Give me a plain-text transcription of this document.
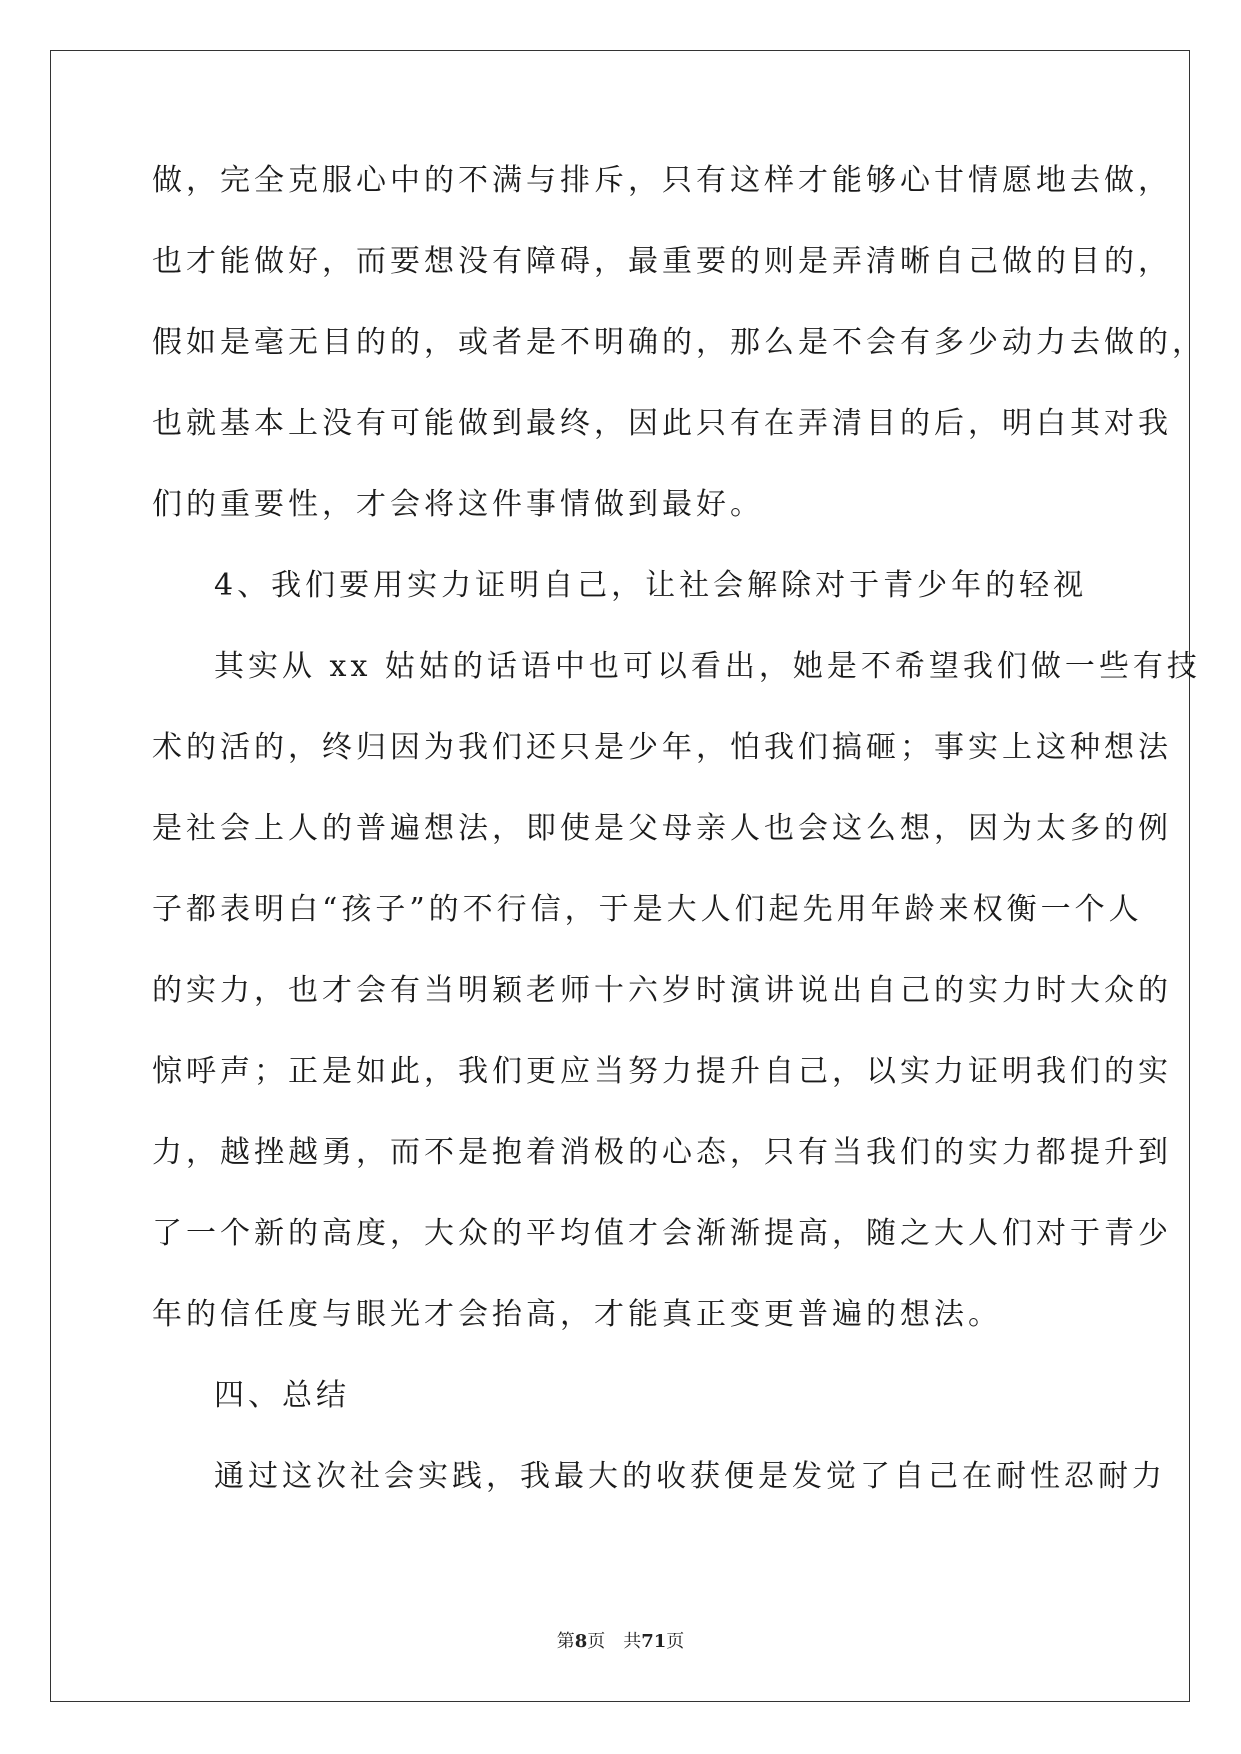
做，完全克服心中的不满与排斥，只有这样才能够心甘情愿地去做，
也才能做好，而要想没有障碍，最重要的则是弄清晰自己做的目的，
假如是毫无目的的，或者是不明确的，那么是不会有多少动力去做的，
也就基本上没有可能做到最终，因此只有在弄清目的后，明白其对我
们的重要性，才会将这件事情做到最好。
4、我们要用实力证明自己，让社会解除对于青少年的轻视
其实从 xx 姑姑的话语中也可以看出，她是不希望我们做一些有技
术的活的，终归因为我们还只是少年，怕我们搞砸；事实上这种想法
是社会上人的普遍想法，即使是父母亲人也会这么想，因为太多的例
子都表明白“孩子”的不行信，于是大人们起先用年龄来权衡一个人
的实力，也才会有当明颖老师十六岁时演讲说出自己的实力时大众的
惊呼声；正是如此，我们更应当努力提升自己，以实力证明我们的实
力，越挫越勇，而不是抱着消极的心态，只有当我们的实力都提升到
了一个新的高度，大众的平均值才会渐渐提高，随之大人们对于青少
年的信任度与眼光才会抬高，才能真正变更普遍的想法。
四、总结
通过这次社会实践，我最大的收获便是发觉了自己在耐性忍耐力
第8页 共71页
